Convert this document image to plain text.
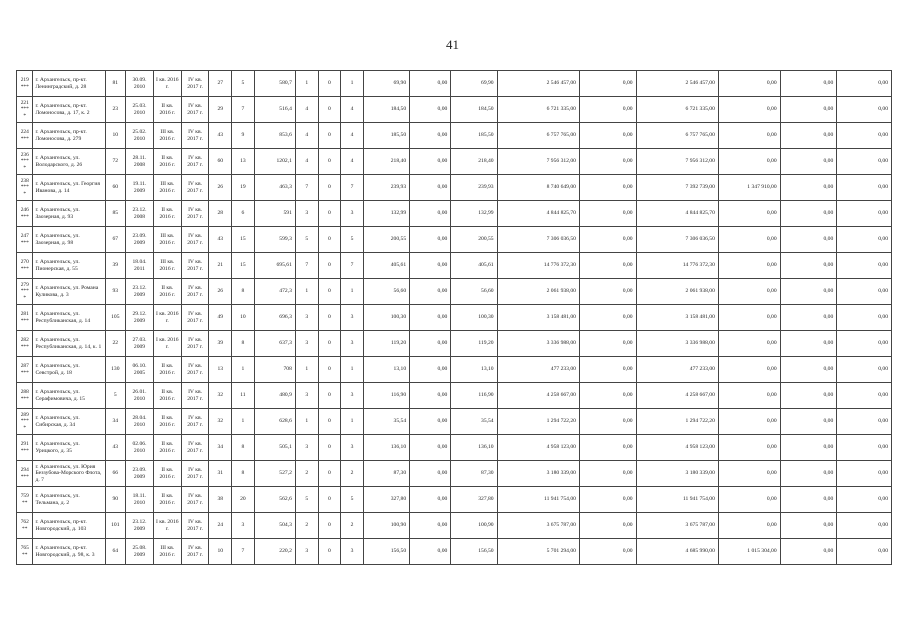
41
219 ***	г. Архангельск, пр-кт. Ленинградский, д. 28	81	30.09. 2010	I кв. 2016 г.	IV кв. 2017 г.	27	5	580,7	1	0	1	69,90	0,00	69,90	2 546 457,00	0,00	2 546 457,00	0,00	0,00	0,00
221 *** *	г. Архангельск, пр-кт. Ломоносова, д. 17, к. 2	23	25.03. 2010	II кв. 2016 г.	IV кв. 2017 г.	29	7	516,4	4	0	4	184,50	0,00	184,50	6 721 335,00	0,00	6 721 335,00	0,00	0,00	0,00
224 ***	г. Архангельск, пр-кт. Ломоносова, д. 279	10	25.02. 2010	III кв. 2016 г.	IV кв. 2017 г.	43	9	853,6	4	0	4	185,50	0,00	185,50	6 757 765,00	0,00	6 757 765,00	0,00	0,00	0,00
236 *** *	г. Архангельск, ул. Володарского, д. 26	72	28.11. 2008	II кв. 2016 г.	IV кв. 2017 г.	60	13	1202,1	4	0	4	218,40	0,00	218,40	7 956 312,00	0,00	7 956 312,00	0,00	0,00	0,00
238 *** *	г. Архангельск, ул. Георгия Иванова, д. 14	60	19.11. 2009	III кв. 2016 г.	IV кв. 2017 г.	26	19	463,3	7	0	7	239,93	0,00	239,93	8 740 649,00	0,00	7 392 739,00	1 347 910,00	0,00	0,00
246 ***	г. Архангельск, ул. Заозерная, д. 93	85	23.12. 2008	II кв. 2016 г.	IV кв. 2017 г.	28	6	591	3	0	3	132,99	0,00	132,99	4 844 825,70	0,00	4 844 825,70	0,00	0,00	0,00
247 ***	г. Архангельск, ул. Заозерная, д. 98	67	23.09. 2009	III кв. 2016 г.	IV кв. 2017 г.	43	15	599,3	5	0	5	200,55	0,00	200,55	7 306 036,50	0,00	7 306 036,50	0,00	0,00	0,00
270 ***	г. Архангельск, ул. Пионерская, д. 55	39	18.04. 2011	III кв. 2016 г.	IV кв. 2017 г.	21	15	695,61	7	0	7	405,61	0,00	405,61	14 776 372,30	0,00	14 776 372,30	0,00	0,00	0,00
279 *** *	г. Архангельск, ул. Романа Куликова, д. 3	93	23.12. 2009	II кв. 2016 г.	IV кв. 2017 г.	26	8	472,3	1	0	1	56,60	0,00	56,60	2 061 938,00	0,00	2 061 938,00	0,00	0,00	0,00
281 ***	г. Архангельск, ул. Республиканская, д. 14	105	29.12. 2009	I кв. 2016 г.	IV кв. 2017 г.	49	10	696,3	3	0	3	100,30	0,00	100,30	3 158 481,00	0,00	3 158 481,00	0,00	0,00	0,00
282 ***	г. Архангельск, ул. Республиканская, д. 14, к. 1	22	27.03. 2009	I кв. 2016 г.	IV кв. 2017 г.	39	8	637,3	3	0	3	119,20	0,00	119,20	3 336 988,00	0,00	3 336 988,00	0,00	0,00	0,00
287 ***	г. Архангельск, ул. Севстрой, д. 18	130	06.10. 2005	II кв. 2016 г.	IV кв. 2017 г.	13	1	708	1	0	1	13,10	0,00	13,10	477 233,00	0,00	477 233,00	0,00	0,00	0,00
288 ***	г. Архангельск, ул. Серафимовича, д. 15	5	26.01. 2010	II кв. 2016 г.	IV кв. 2017 г.	32	11	480,9	3	0	3	116,90	0,00	116,90	4 258 667,00	0,00	4 258 667,00	0,00	0,00	0,00
289 *** *	г. Архангельск, ул. Сибирская, д. 34	34	28.04. 2010	II кв. 2016 г.	IV кв. 2017 г.	32	1	628,6	1	0	1	35,54	0,00	35,54	1 294 722,20	0,00	1 294 722,20	0,00	0,00	0,00
291 ***	г. Архангельск, ул. Урицкого, д. 35	43	02.06. 2010	II кв. 2016 г.	IV кв. 2017 г.	34	8	505,1	3	0	3	136,10	0,00	136,10	4 958 123,00	0,00	4 958 123,00	0,00	0,00	0,00
294 ***	г. Архангельск, ул. Юрия Беззубова-Морского Флота, д. 7	66	23.09. 2009	II кв. 2016 г.	IV кв. 2017 г.	31	8	527,2	2	0	2	87,30	0,00	87,30	3 180 339,00	0,00	3 180 339,00	0,00	0,00	0,00
759 **	г. Архангельск, ул. Тельмана, д. 2	90	18.11. 2010	II кв. 2016 г.	IV кв. 2017 г.	38	20	562,6	5	0	5	327,80	0,00	327,80	11 941 754,00	0,00	11 941 754,00	0,00	0,00	0,00
762 **	г. Архангельск, пр-кт. Новгородский, д. 103	101	23.12. 2009	I кв. 2016 г.	IV кв. 2017 г.	24	3	504,3	2	0	2	100,90	0,00	100,90	3 675 787,00	0,00	3 675 787,00	0,00	0,00	0,00
765 **	г. Архангельск, пр-кт. Новгородский, д. 98, к. 3	64	25.08. 2009	III кв. 2016 г.	IV кв. 2017 г.	10	7	220,2	3	0	3	156,50	0,00	156,50	5 701 294,00	0,00	4 685 990,00	1 015 304,00	0,00	0,00
